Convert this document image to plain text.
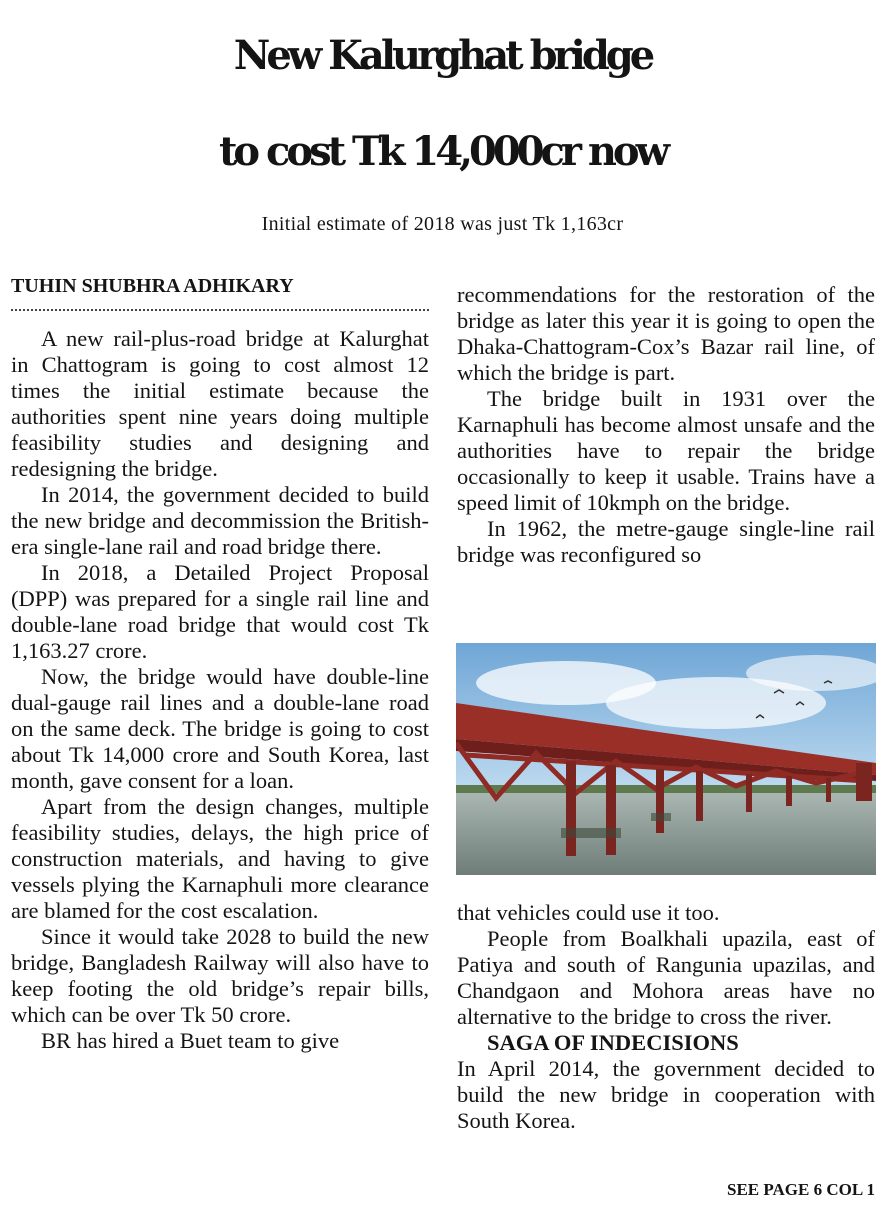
New Kalurghat bridge
to cost Tk 14,000cr now
Initial estimate of 2018 was just Tk 1,163cr
TUHIN SHUBHRA ADHIKARY

A new rail-plus-road bridge at Kalurghat in Chattogram is going to cost almost 12 times the initial estimate because the authorities spent nine years doing multiple feasibility studies and designing and redesigning the bridge.

In 2014, the government decided to build the new bridge and decommission the British-era single-lane rail and road bridge there.

In 2018, a Detailed Project Proposal (DPP) was prepared for a single rail line and double-lane road bridge that would cost Tk 1,163.27 crore.

Now, the bridge would have double-line dual-gauge rail lines and a double-lane road on the same deck. The bridge is going to cost about Tk 14,000 crore and South Korea, last month, gave consent for a loan.

Apart from the design changes, multiple feasibility studies, delays, the high price of construction materials, and having to give vessels plying the Karnaphuli more clearance are blamed for the cost escalation.

Since it would take 2028 to build the new bridge, Bangladesh Railway will also have to keep footing the old bridge’s repair bills, which can be over Tk 50 crore.

BR has hired a Buet team to give

recommendations for the restoration of the bridge as later this year it is going to open the Dhaka-Chattogram-Cox’s Bazar rail line, of which the bridge is part.

The bridge built in 1931 over the Karnaphuli has become almost unsafe and the authorities have to repair the bridge occasionally to keep it usable. Trains have a speed limit of 10kmph on the bridge.

In 1962, the metre-gauge single-line rail bridge was reconfigured so

that vehicles could use it too.

People from Boalkhali upazila, east of Patiya and south of Rangunia upazilas, and Chandgaon and Mohora areas have no alternative to the bridge to cross the river.

SAGA OF INDECISIONS

In April 2014, the government decided to build the new bridge in cooperation with South Korea.

SEE PAGE 6 COL 1
